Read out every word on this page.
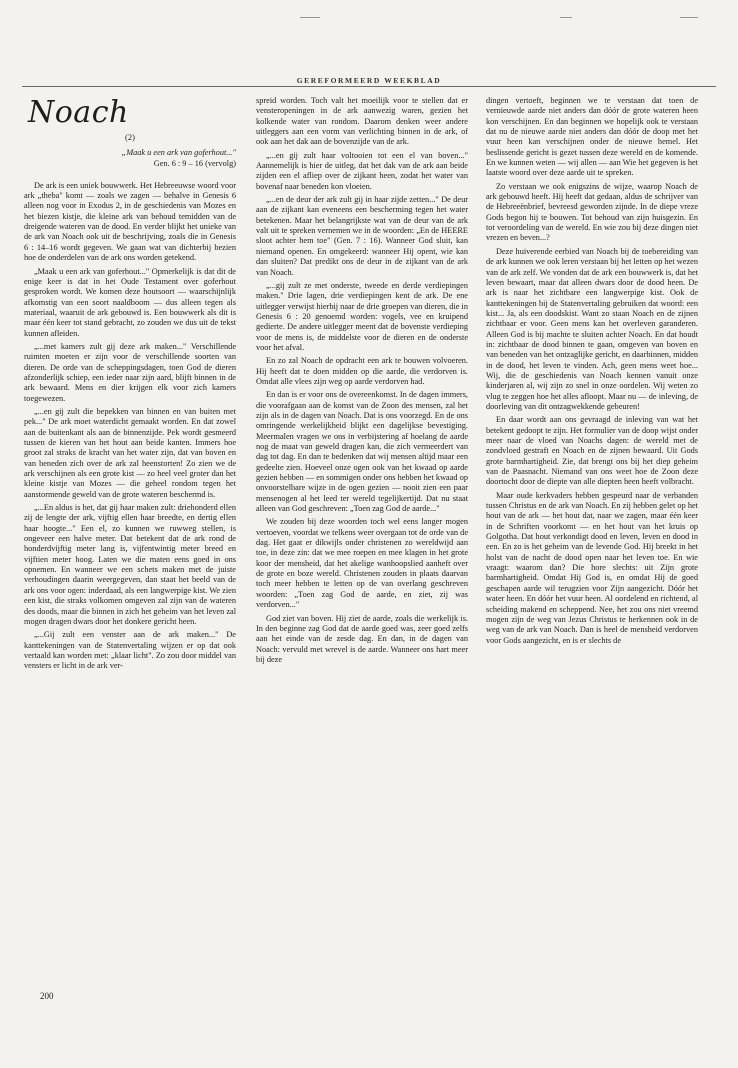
GEREFORMEERD WEEKBLAD
Noach
(2)
„Maak u een ark van goferhout..."
Gen. 6 : 9 – 16 (vervolg)

De ark is een uniek bouwwerk. Het Hebreeuwse woord voor ark „theba" komt — zoals we zagen — behalve in Genesis 6 alleen nog voor in Exodus 2, in de geschiedenis van Mozes en het biezen kistje, die kleine ark van behoud temidden van de dreigende wateren van de dood. En verder blijkt het unieke van de ark van Noach ook uit de beschrijving, zoals die in Genesis 6 : 14–16 wordt gegeven. We gaan wat van dichterbij bezien hoe de onderdelen van de ark ons worden getekend.

„Maak u een ark van goferhout..." Opmerkelijk is dat dit de enige keer is dat in het Oude Testament over goferhout gesproken wordt. We komen deze houtsoort — waarschijnlijk afkomstig van een soort naaldboom — dus alleen tegen als materiaal, waaruit de ark gebouwd is. Een bouwwerk als dit is maar één keer tot stand gebracht, zo zouden we dus uit de tekst kunnen afleiden.

„...met kamers zult gij deze ark maken..." Verschillende ruimten moeten er zijn voor de verschillende soorten van dieren. De orde van de scheppingsdagen, toen God de dieren afzonderlijk schiep, een ieder naar zijn aard, blijft binnen in de ark bewaard. Mens en dier krijgen elk voor zich kamers toegewezen.

„...en gij zult die bepekken van binnen en van buiten met pek..." De ark moet waterdicht gemaakt worden. En dat zowel aan de buitenkant als aan de binnenzijde. Pek wordt gesmeerd tussen de kieren van het hout aan beide kanten. Immers hoe groot zal straks de kracht van het water zijn, dat van boven en van beneden zich over de ark zal heenstorten! Zo zien we de ark verschijnen als een grote kist — zo heel veel groter dan het kleine kistje van Mozes — die geheel rondom tegen het aanstormende geweld van de grote wateren beschermd is.

„...En aldus is het, dat gij haar maken zult: driehonderd ellen zij de lengte der ark, vijftig ellen haar breedte, en dertig ellen haar hoogte..." Een el, zo kunnen we ruwweg stellen, is ongeveer een halve meter. Dat betekent dat de ark rond de honderdvijftig meter lang is, vijfentwintig meter breed en vijftien meter hoog. Laten we die maten eens goed in ons opnemen. En wanneer we een schets maken met de juiste verhoudingen daarin weergegeven, dan staat het beeld van de ark ons voor ogen: inderdaad, als een langwerpige kist. We zien een kist, die straks volkomen omgeven zal zijn van de wateren des doods, maar die binnen in zich het geheim van het leven zal mogen dragen dwars door het donkere gericht heen.

„...Gij zult een venster aan de ark maken..." De kanttekeningen van de Statenvertaling wijzen er op dat ook vertaald kan worden met: „klaar licht". Zo zou door middel van vensters er licht in de ark ver-

spreid worden. Toch valt het moeilijk voor te stellen dat er vensteropeningen in de ark aanwezig waren, gezien het kolkende water van rondom. Daarom denken weer andere uitleggers aan een vorm van verlichting binnen in de ark, of ook aan het dak aan de bovenzijde van de ark.

„...en gij zult haar voltooien tot een el van boven..." Aannemelijk is hier de uitleg, dat het dak van de ark aan beide zijden een el afliep over de zijkant heen, zodat het water van bovenaf naar beneden kon vloeien.

„...en de deur der ark zult gij in haar zijde zetten..." De deur aan de zijkant kan eveneens een bescherming tegen het water betekenen. Maar het belangrijkste wat van de deur van de ark valt uit te spreken vernemen we in de woorden: „En de HEERE sloot achter hem toe" (Gen. 7 : 16). Wanneer God sluit, kan niemand openen. En omgekeerd: wanneer Hij opent, wie kan dan sluiten? Dat predikt ons de deur in de zijkant van de ark van Noach.

„...gij zult ze met onderste, tweede en derde verdiepingen maken." Drie lagen, drie verdiepingen kent de ark. De ene uitlegger verwijst hierbij naar de drie groepen van dieren, die in Genesis 6 : 20 genoemd worden: vogels, vee en kruipend gedierte. De andere uitlegger meent dat de bovenste verdieping voor de mens is, de middelste voor de dieren en de onderste voor het afval.

En zo zal Noach de opdracht een ark te bouwen volvoeren. Hij heeft dat te doen midden op die aarde, die verdorven is. Omdat alle vlees zijn weg op aarde verdorven had.

En dan is er voor ons de overeenkomst. In de dagen immers, die voorafgaan aan de komst van de Zoon des mensen, zal het zijn als in de dagen van Noach. Dat is ons voorzegd. En de ons omringende werkelijkheid blijkt een dagelijkse bevestiging. Meermalen vragen we ons in verbijstering af hoelang de aarde nog de maat van geweld dragen kan, die zich vermeerdert van dag tot dag. En dan te bedenken dat wij mensen altijd maar een gedeelte zien. Hoeveel onze ogen ook van het kwaad op aarde gezien hebben — en sommigen onder ons hebben het kwaad op onvoorstelbare wijze in de ogen gezien — nooit zien een paar mensenogen al het leed ter wereld tegelijkertijd. Dat nu staat alleen van God geschreven: „Toen zag God de aarde..."

We zouden bij deze woorden toch wel eens langer mogen vertoeven, voordat we telkens weer overgaan tot de orde van de dag. Het gaat er dikwijls onder christenen zo wereldwijd aan toe, in deze zin: dat we mee roepen en mee klagen in het grote koor der mensheid, dat het akelige wanhoopslied aanheft over de grote en boze wereld. Christenen zouden in plaats daarvan toch meer hebben te letten op de van overlang geschreven woorden: „Toen zag God de aarde, en ziet, zij was verdorven..."

God ziet van boven. Hij ziet de aarde, zoals die werkelijk is. In den beginne zag God dat de aarde goed was, zeer goed zelfs aan het einde van de zesde dag. En dan, in de dagen van Noach: vervuld met wrevel is de aarde. Wanneer ons hart meer bij deze

dingen vertoeft, beginnen we te verstaan dat toen de vernieuwde aarde niet anders dan dóór de grote wateren heen kon verschijnen. En dan beginnen we hopelijk ook te verstaan dat nu de nieuwe aarde niet anders dan dóór de doop met het vuur heen kan verschijnen onder de nieuwe hemel. Het beslissende gericht is gezet tussen deze wereld en de komende. En we kunnen weten — wij allen — aan Wie het gegeven is het laatste woord over deze aarde uit te spreken.

Zo verstaan we ook enigszins de wijze, waarop Noach de ark gebouwd heeft. Hij heeft dat gedaan, aldus de schrijver van de Hebreeënbrief, bevreesd geworden zijnde. In de diepe vreze Gods begon hij te bouwen. Tot behoud van zijn huisgezin. En tot veroordeling van de wereld. En wie zou bij deze dingen niet vrezen en beven...?

Deze huiverende eerbied van Noach bij de toebereiding van de ark kunnen we ook leren verstaan bij het letten op het wezen van de ark zelf. We vonden dat de ark een bouwwerk is, dat het leven bewaart, maar dat alleen dwars door de dood heen. De ark is naar het zichtbare een langwerpige kist. Ook de kanttekeningen bij de Statenvertaling gebruiken dat woord: een kist... Ja, als een doodskist. Want zo staan Noach en de zijnen zichtbaar er voor. Geen mens kan het overleven garanderen. Alleen God is bij machte te sluiten achter Noach. En dat houdt in: zichtbaar de dood binnen te gaan, omgeven van boven en van beneden van het ontzaglijke gericht, en daarbinnen, midden in de dood, het leven te vinden. Ach, geen mens weet hoe... Wij, die de geschiedenis van Noach kennen vanuit onze kinderjaren al, wij zijn zo snel in onze oordelen. Wij weten zo vlug te zeggen hoe het alles afloopt. Maar nu — de inleving, de doorleving van dit ontzagwekkende gebeuren!

En daar wordt aan ons gevraagd de inleving van wat het betekent gedoopt te zijn. Het formulier van de doop wijst onder meer naar de vloed van Noachs dagen: de wereld met de zondvloed gestraft en Noach en de zijnen bewaard. Uit Gods grote barmhartigheid. Zie, dat brengt ons bij het diep geheim van de Paasnacht. Niemand van ons weet hoe de Zoon deze doortocht door de diepte van alle diepten heen heeft volbracht.

Maar oude kerkvaders hebben gespeurd naar de verbanden tussen Christus en de ark van Noach. En zij hebben gelet op het hout van de ark — het hout dat, naar we zagen, maar één keer in de Schriften voorkomt — en het hout van het kruis op Golgotha. Dat hout verkondigt dood en leven, leven en dood in een. En zo is het geheim van de levende God. Hij breekt in het holst van de nacht de dood open naar het leven toe. En wie vraagt: waarom dan? Die hore slechts: uit Zijn grote barmhartigheid. Omdat Hij God is, en omdat Hij de goed geschapen aarde wil terugzien voor Zijn aangezicht. Dóór het water heen. En dóór het vuur heen. Al oordelend en richtend, al scheiding makend en scheppend. Nee, het zou ons niet vreemd mogen zijn de weg van Jezus Christus te herkennen ook in de weg van de ark van Noach. Dan is heel de mensheid verdorven voor Gods aangezicht, en is er slechts de

200
